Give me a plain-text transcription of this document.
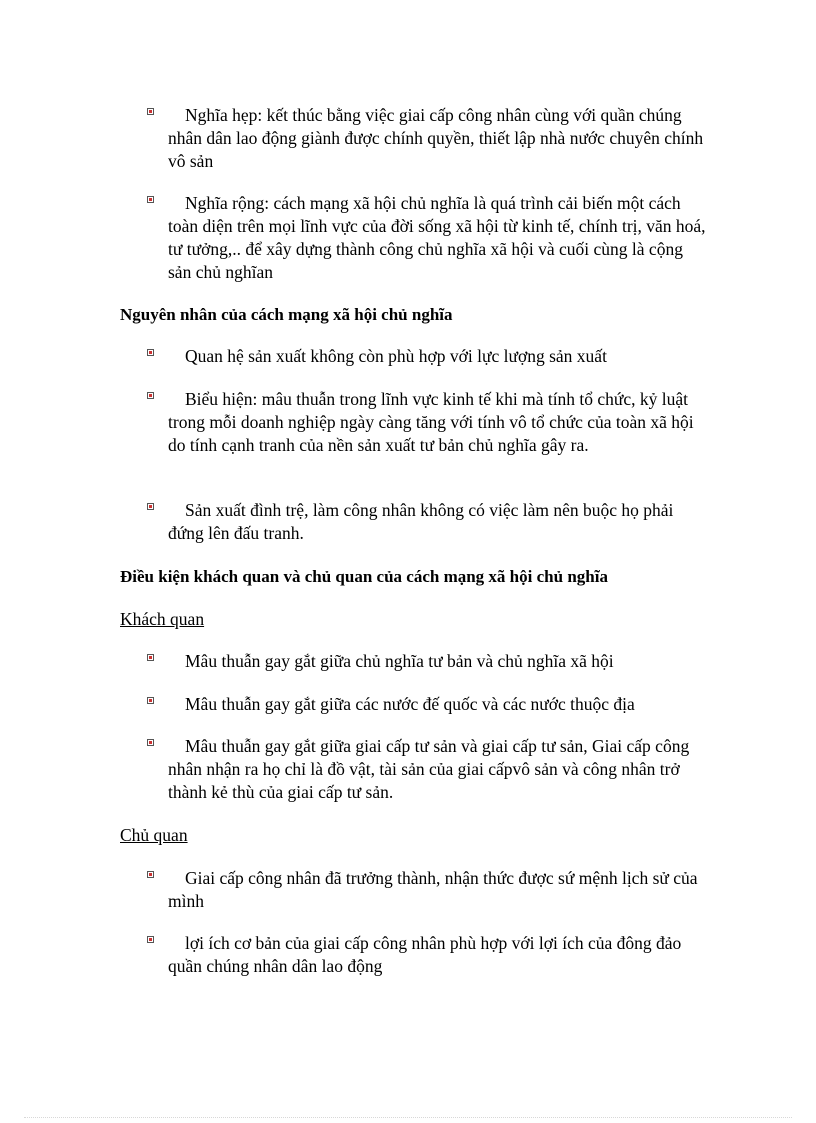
Nghĩa hẹp: kết thúc bằng việc giai cấp công nhân cùng với quần chúng nhân dân lao động giành được chính quyền, thiết lập nhà nước chuyên chính vô sản
Nghĩa rộng: cách mạng xã hội chủ nghĩa là quá trình cải biến một cách toàn diện trên mọi lĩnh vực của đời sống xã hội từ kinh tế, chính trị, văn hoá, tư tưởng,.. để xây dựng thành công chủ nghĩa xã hội và cuối cùng là cộng sản chủ nghĩan
Nguyên nhân của cách mạng xã hội chủ nghĩa
Quan hệ sản xuất không còn phù hợp với lực lượng sản xuất
Biểu hiện: mâu thuẫn trong lĩnh vực kinh tế khi mà tính tổ chức, kỷ luật trong mỗi doanh nghiệp ngày càng tăng với tính vô tổ chức của toàn xã hội do tính cạnh tranh của nền sản xuất tư bản chủ nghĩa gây ra.
Sản xuất đình trệ, làm công nhân không có việc làm nên buộc họ phải đứng lên đấu tranh.
Điều kiện khách quan và chủ quan của cách mạng xã hội chủ nghĩa
Khách quan
Mâu thuẫn gay gắt giữa chủ nghĩa tư bản và chủ nghĩa xã hội
Mâu thuẫn gay gắt giữa các nước đế quốc và các nước thuộc địa
Mâu thuẫn gay gắt giữa giai cấp tư sản và giai cấp tư sản, Giai cấp công nhân nhận ra họ chỉ là đồ vật, tài sản của giai cấpvô sản và công nhân trở thành kẻ thù của giai cấp tư sản.
Chủ quan
Giai cấp công nhân đã trưởng thành, nhận thức được sứ mệnh lịch sử của mình
lợi ích cơ bản của giai cấp công nhân phù hợp với lợi ích của đông đảo quần chúng nhân dân lao động
